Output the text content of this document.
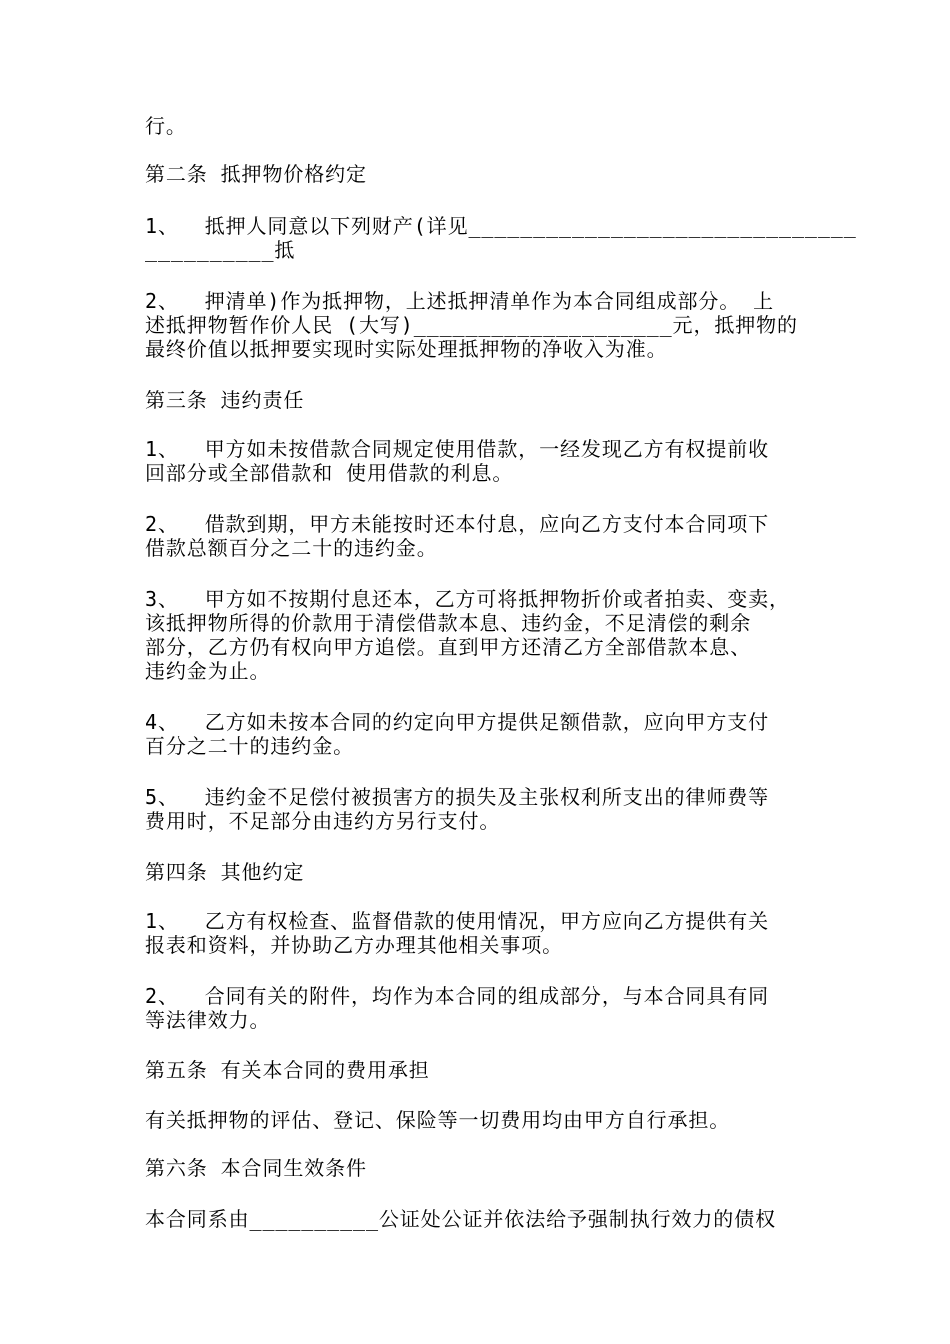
行。
第二条 抵押物价格约定
1、  抵押人同意以下列财产(详见______________________________
__________抵
2、  押清单)作为抵押物，上述抵押清单作为本合同组成部分。 上
述抵押物暂作价人民 (大写)____________________元，抵押物的
最终价值以抵押要实现时实际处理抵押物的净收入为准。
第三条 违约责任
1、  甲方如未按借款合同规定使用借款，一经发现乙方有权提前收
回部分或全部借款和 使用借款的利息。
2、  借款到期，甲方未能按时还本付息，应向乙方支付本合同项下
借款总额百分之二十的违约金。
3、  甲方如不按期付息还本，乙方可将抵押物折价或者拍卖、变卖，
该抵押物所得的价款用于清偿借款本息、违约金，不足清偿的剩余
部分，乙方仍有权向甲方追偿。直到甲方还清乙方全部借款本息、
违约金为止。
4、  乙方如未按本合同的约定向甲方提供足额借款，应向甲方支付
百分之二十的违约金。
5、  违约金不足偿付被损害方的损失及主张权利所支出的律师费等
费用时，不足部分由违约方另行支付。
第四条 其他约定
1、  乙方有权检查、监督借款的使用情况，甲方应向乙方提供有关
报表和资料，并协助乙方办理其他相关事项。
2、  合同有关的附件，均作为本合同的组成部分，与本合同具有同
等法律效力。
第五条 有关本合同的费用承担
有关抵押物的评估、登记、保险等一切费用均由甲方自行承担。
第六条 本合同生效条件
本合同系由__________公证处公证并依法给予强制执行效力的债权
